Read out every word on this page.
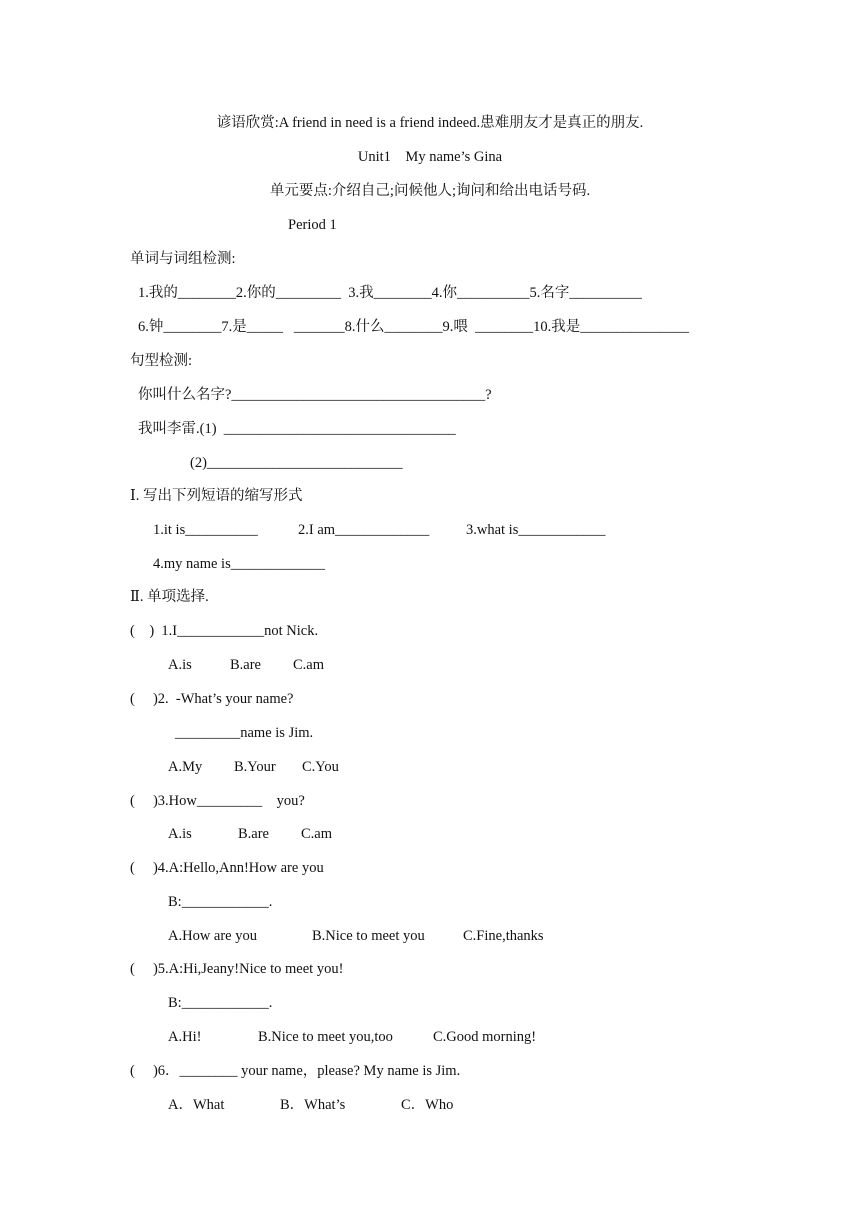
谚语欣赏:A friend in need is a friend indeed.患难朋友才是真正的朋友.
Unit1    My name’s Gina
单元要点:介绍自己;问候他人;询问和给出电话号码.
Period 1
单词与词组检测:
1.我的________2.你的_________  3.我________4.你__________5.名字__________
6.钟________7.是_____   _______8.什么________9.喂  ________10.我是_______________
句型检测:
你叫什么名字?___________________________________?
我叫李雷.(1)  ________________________________
(2)___________________________
Ⅰ. 写出下列短语的缩写形式
1.it is__________	2.I am_____________	3.what is____________
4.my name is_____________
Ⅱ. 单项选择.
(    )  1.I____________not Nick.
A.is	B.are C.am
(     )2.  -What’s your name?
_________name is Jim.
A.My B.Your C.You
(     )3.How_________    you?
A.is	B.are C.am
(     )4.A:Hello,Ann!How are you
B:____________.
A.How are you	B.Nice to meet you	C.Fine,thanks
(     )5.A:Hi,Jeany!Nice to meet you!
B:____________.
A.Hi!	B.Nice to meet you,too	C.Good morning!
(     )6．________ your name，please? My name is Jim.
A．What	B．What’s	C．Who
